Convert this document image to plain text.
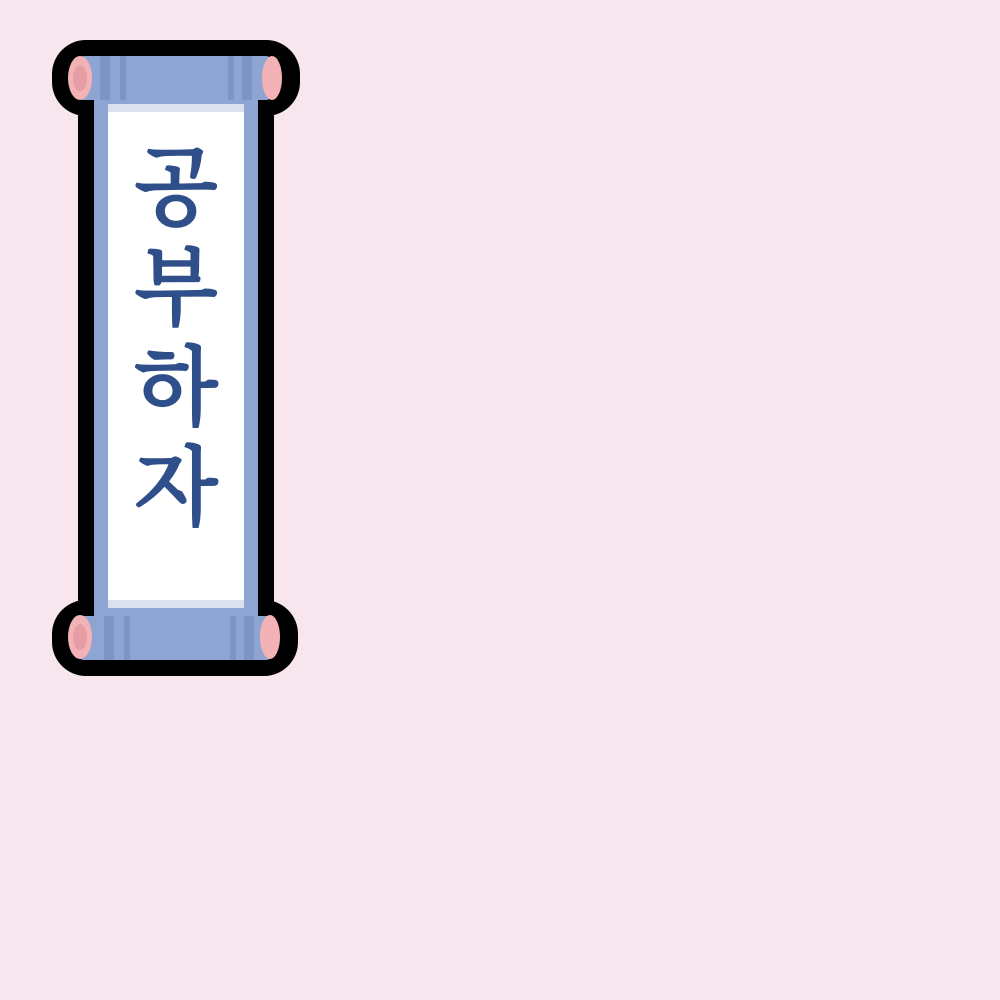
공
부
하
자
